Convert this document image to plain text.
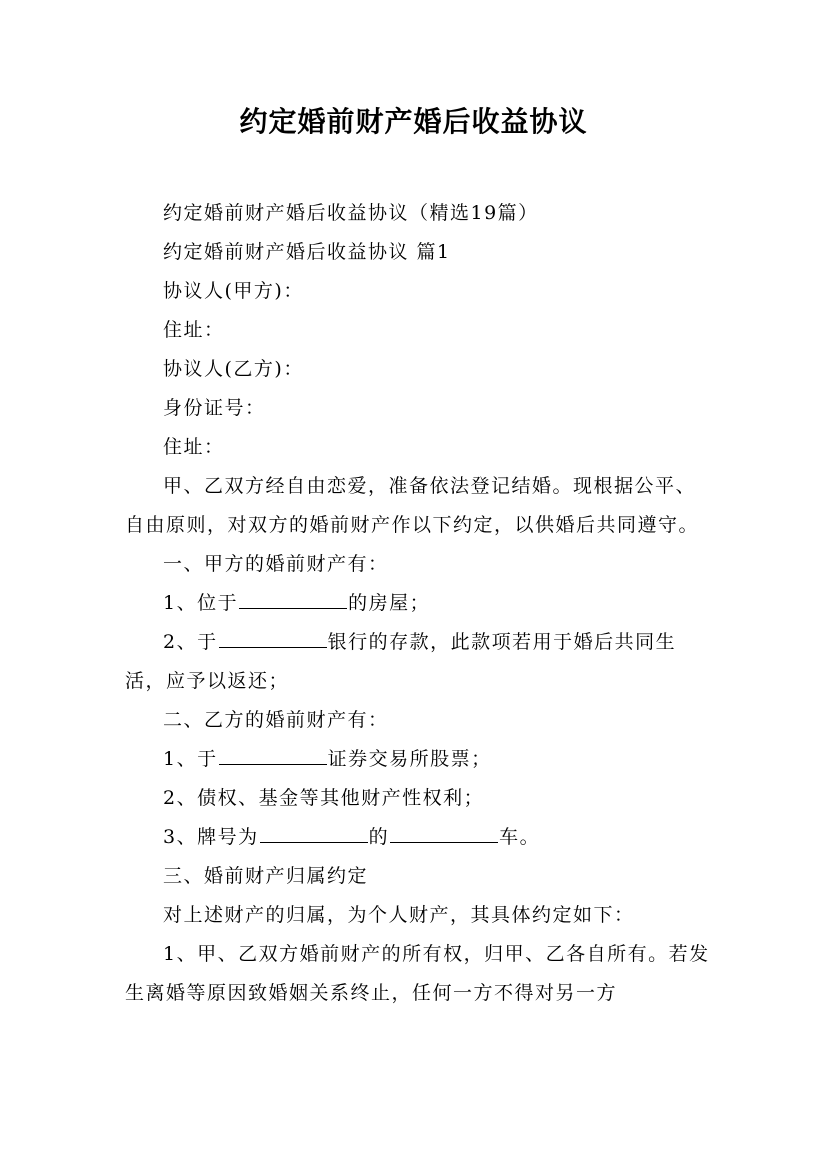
约定婚前财产婚后收益协议

约定婚前财产婚后收益协议（精选19篇）

约定婚前财产婚后收益协议 篇1

协议人(甲方)：

住址：

协议人(乙方)：

身份证号：

住址：

甲、乙双方经自由恋爱，准备依法登记结婚。现根据公平、自由原则，对双方的婚前财产作以下约定，以供婚后共同遵守。

一、甲方的婚前财产有：

1、位于	的房屋；

2、于	银行的存款，此款项若用于婚后共同生活，应予以返还；

二、乙方的婚前财产有：

1、于	证券交易所股票；

2、债权、基金等其他财产性权利；

3、牌号为	的	车。

三、婚前财产归属约定

对上述财产的归属，为个人财产，其具体约定如下：

1、甲、乙双方婚前财产的所有权，归甲、乙各自所有。若发生离婚等原因致婚姻关系终止，任何一方不得对另一方
